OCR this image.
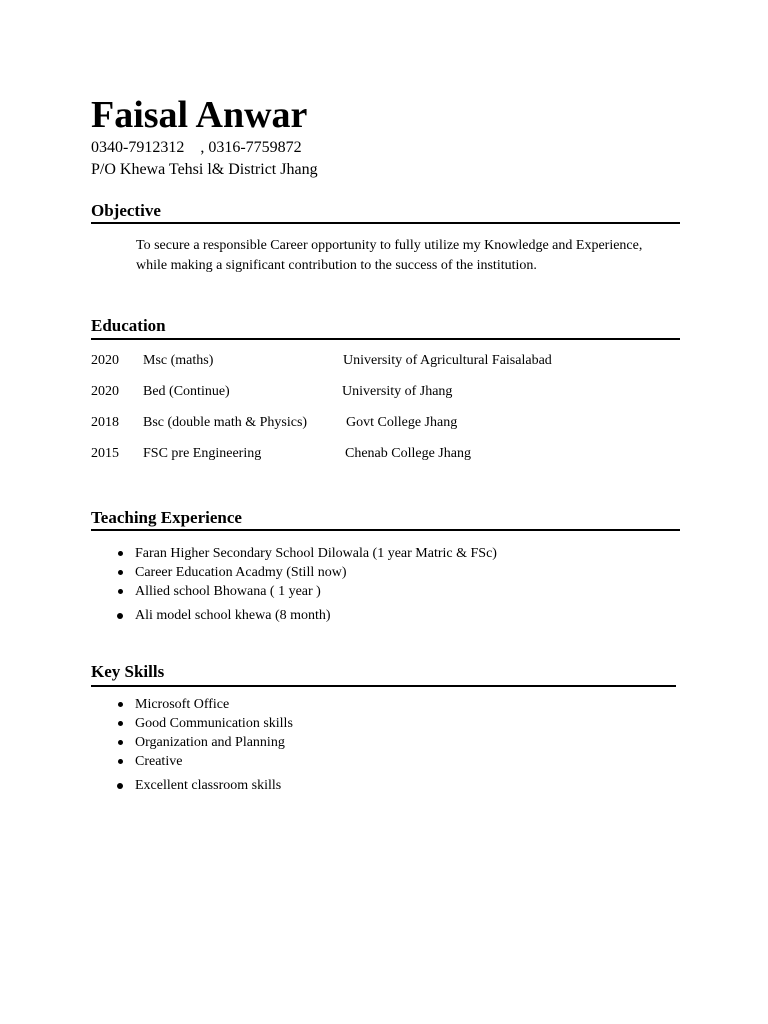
Faisal Anwar
0340-7912312    , 0316-7759872
P/O Khewa Tehsi l& District Jhang
Objective
To secure a responsible Career opportunity to fully utilize my Knowledge and Experience,
while making a significant contribution to the success of the institution.
Education
2020 Msc (maths)	University of Agricultural Faisalabad
2020 Bed (Continue)	University of Jhang
2018 Bsc (double math & Physics)	Govt College Jhang
2015 FSC pre Engineering	Chenab College Jhang
Teaching Experience
Faran Higher Secondary School Dilowala (1 year Matric & FSc)
Career Education Acadmy (Still now)
Allied school Bhowana ( 1 year )
Ali model school khewa (8 month)
Key Skills
Microsoft Office
Good Communication skills
Organization and Planning
Creative
Excellent classroom skills
